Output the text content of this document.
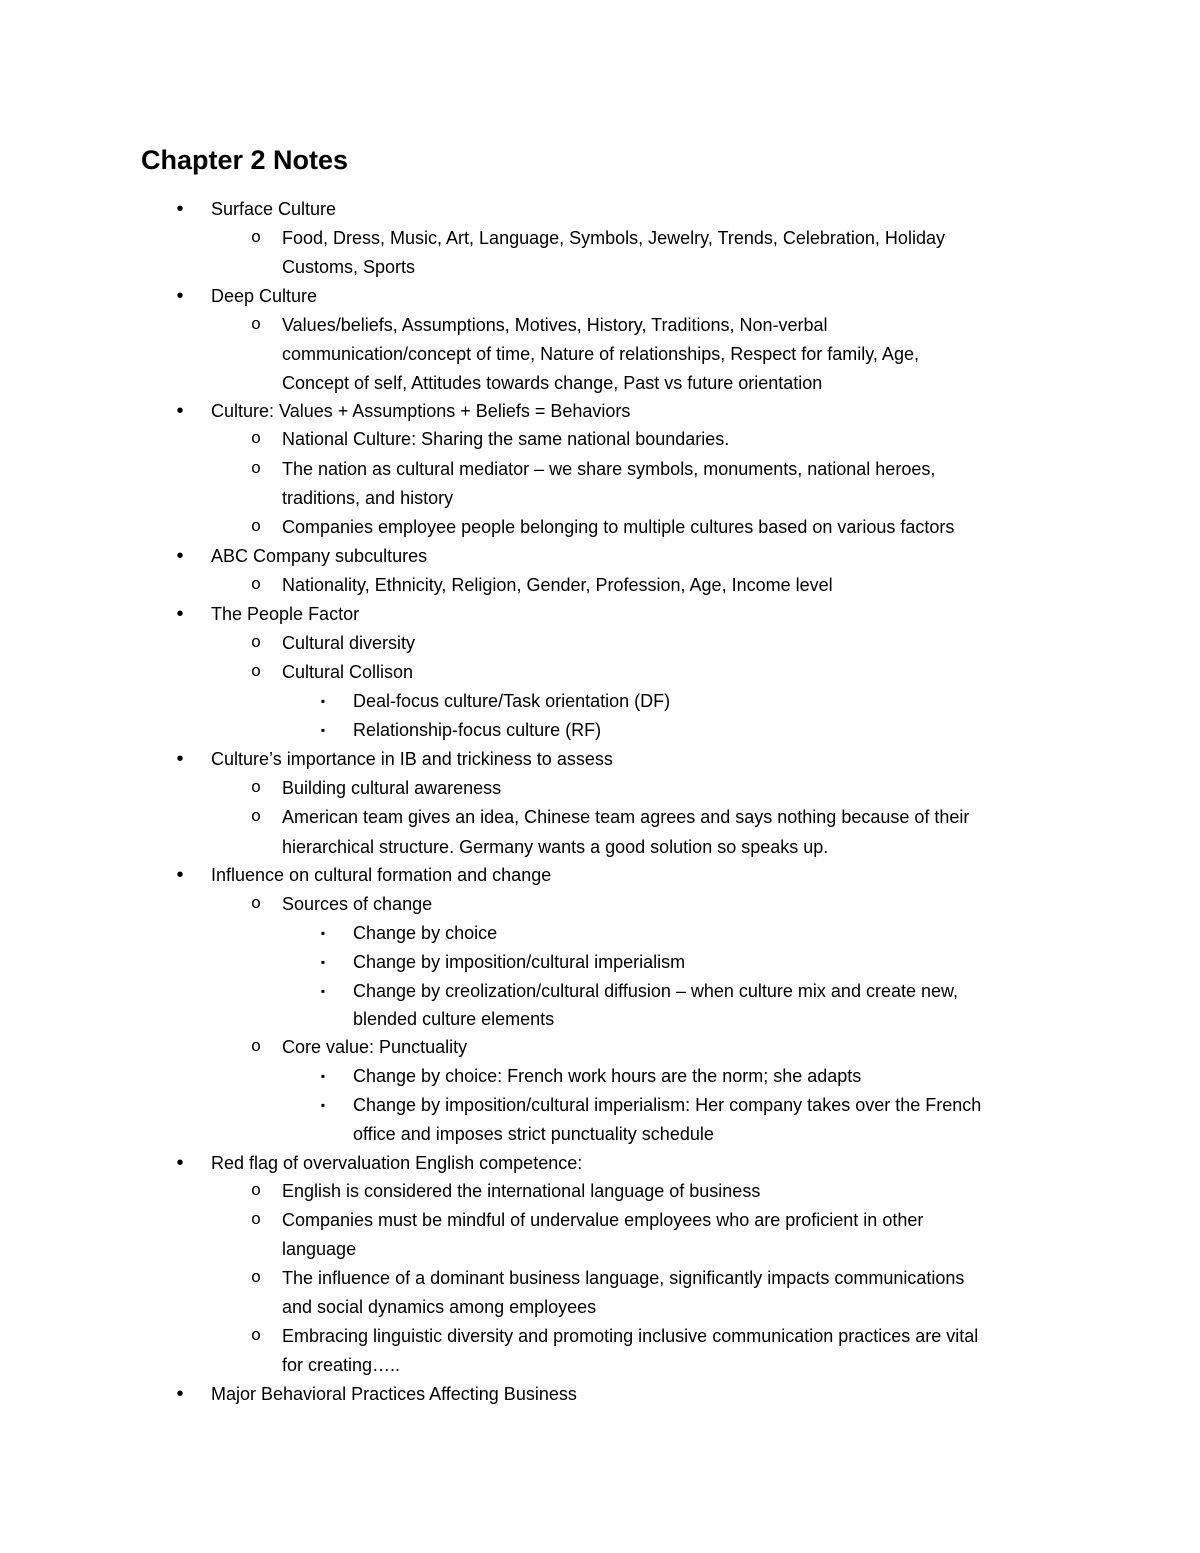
Chapter 2 Notes
•	Surface Culture
o	Food, Dress, Music, Art, Language, Symbols, Jewelry, Trends, Celebration, Holiday
Customs, Sports
•	Deep Culture
o	Values/beliefs, Assumptions, Motives, History, Traditions, Non-verbal
communication/concept of time, Nature of relationships, Respect for family, Age,
Concept of self, Attitudes towards change, Past vs future orientation
•	Culture: Values + Assumptions + Beliefs = Behaviors
o	National Culture: Sharing the same national boundaries.
o	The nation as cultural mediator – we share symbols, monuments, national heroes,
traditions, and history
o	Companies employee people belonging to multiple cultures based on various factors
•	ABC Company subcultures
o	Nationality, Ethnicity, Religion, Gender, Profession, Age, Income level
•	The People Factor
o	Cultural diversity
o	Cultural Collison
▪	Deal-focus culture/Task orientation (DF)
▪	Relationship-focus culture (RF)
•	Culture’s importance in IB and trickiness to assess
o	Building cultural awareness
o	American team gives an idea, Chinese team agrees and says nothing because of their
hierarchical structure. Germany wants a good solution so speaks up.
•	Influence on cultural formation and change
o	Sources of change
▪	Change by choice
▪	Change by imposition/cultural imperialism
▪	Change by creolization/cultural diffusion – when culture mix and create new,
blended culture elements
o	Core value: Punctuality
▪	Change by choice: French work hours are the norm; she adapts
▪	Change by imposition/cultural imperialism: Her company takes over the French
office and imposes strict punctuality schedule
•	Red flag of overvaluation English competence:
o	English is considered the international language of business
o	Companies must be mindful of undervalue employees who are proficient in other
language
o	The influence of a dominant business language, significantly impacts communications
and social dynamics among employees
o	Embracing linguistic diversity and promoting inclusive communication practices are vital
for creating…..
•	Major Behavioral Practices Affecting Business
